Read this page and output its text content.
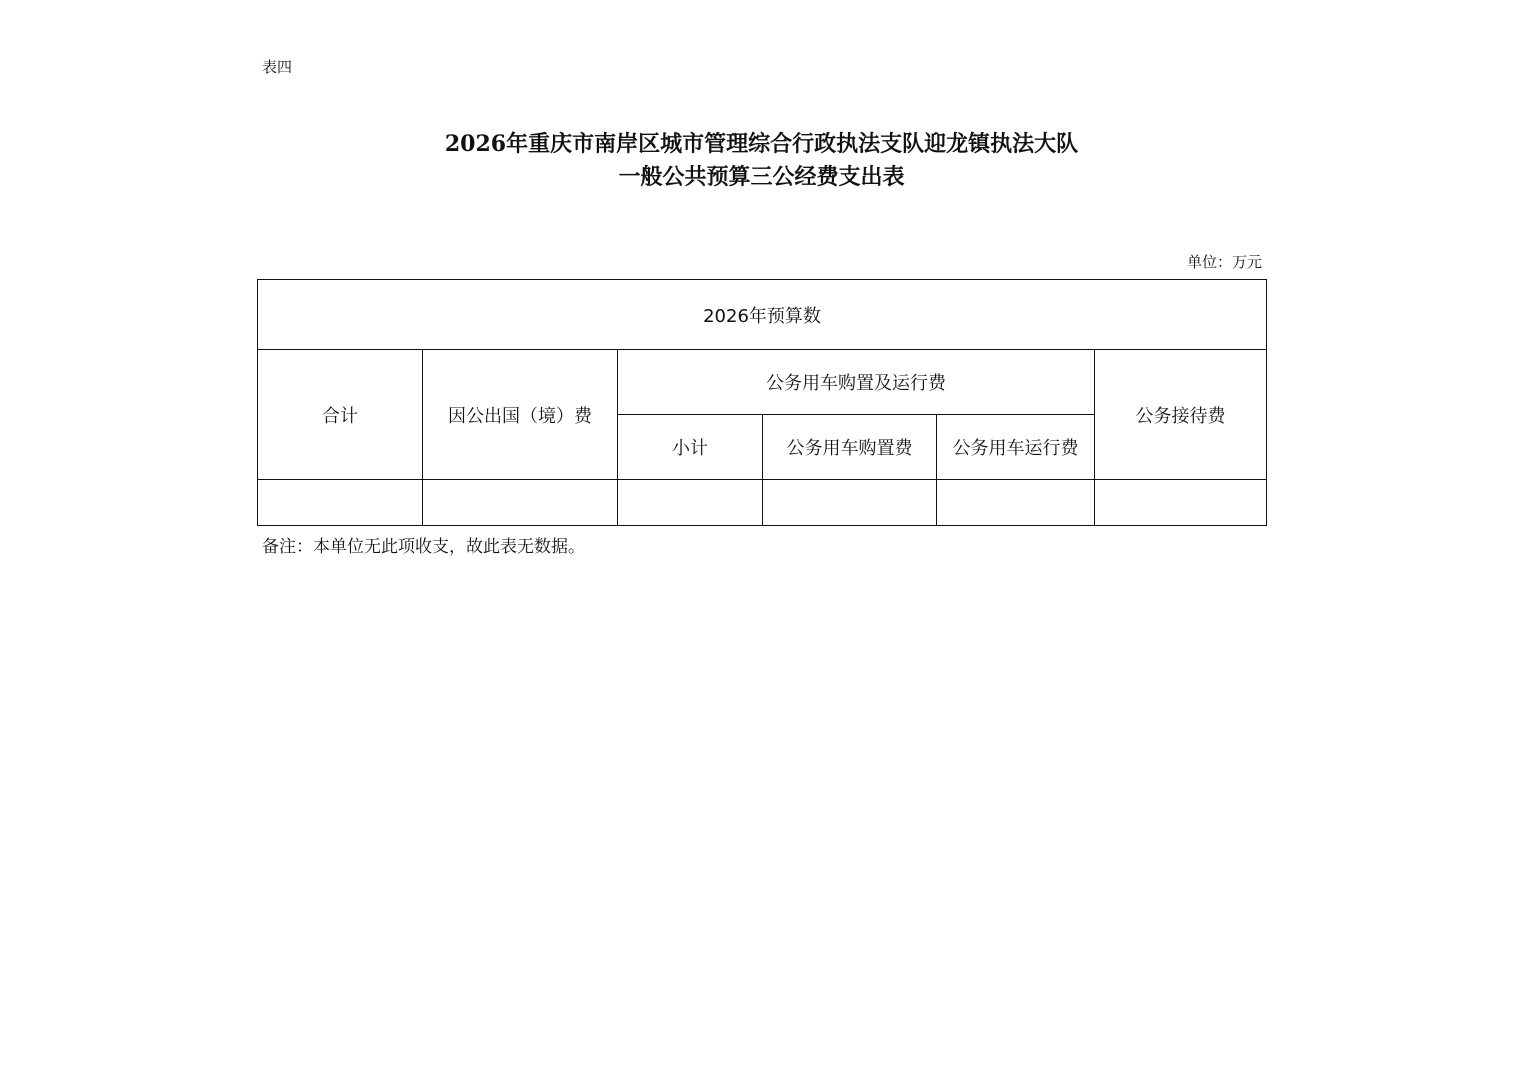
表四
2026年重庆市南岸区城市管理综合行政执法支队迎龙镇执法大队
一般公共预算三公经费支出表
单位：万元
2026年预算数					
合计	因公出国（境）费	公务用车购置及运行费			公务接待费
		小计	公务用车购置费	公务用车运行费	

备注：本单位无此项收支，故此表无数据。
